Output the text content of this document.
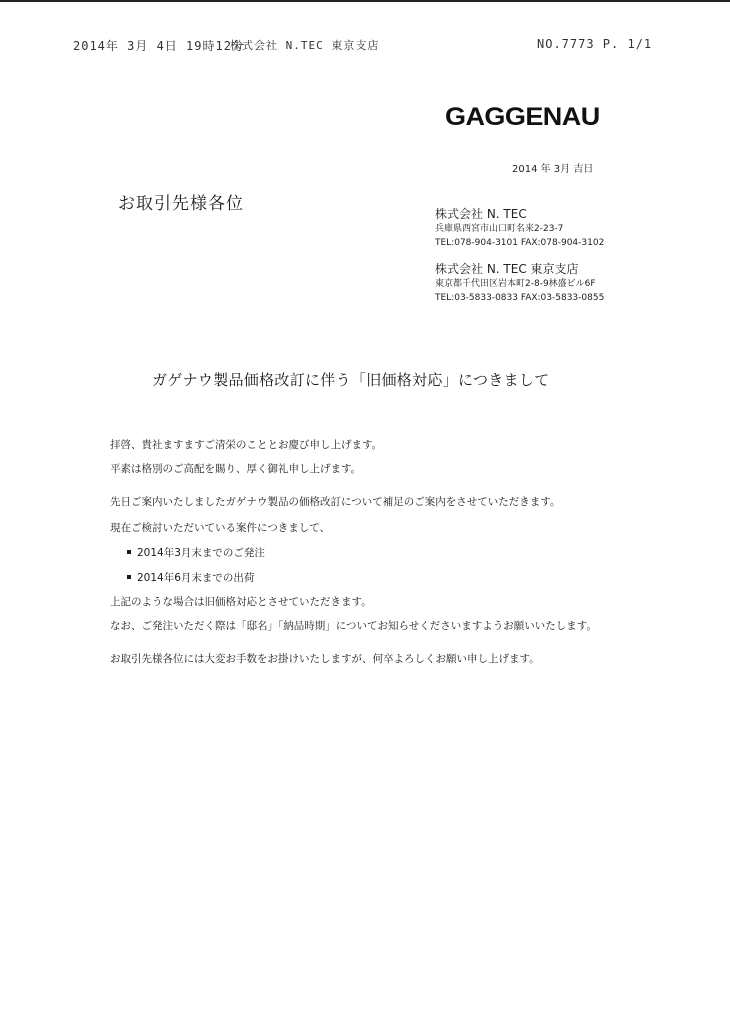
2014年 3月 4日 19時12分
株式会社 N.TEC 東京支店	NO.7773 P. 1/1
GAGGENAU
2014 年 3月 吉日
お取引先様各位	株式会社 N. TEC
兵庫県西宮市山口町名来2-23-7
TEL:078-904-3101 FAX:078-904-3102
株式会社 N. TEC 東京支店
東京都千代田区岩本町2-8-9林盛ビル6F
TEL:03-5833-0833 FAX:03-5833-0855
ガゲナウ製品価格改訂に伴う「旧価格対応」につきまして
拝啓、貴社ますますご清栄のこととお慶び申し上げます。
平素は格別のご高配を賜り、厚く御礼申し上げます。
先日ご案内いたしましたガゲナウ製品の価格改訂について補足のご案内をさせていただきます。
現在ご検討いただいている案件につきまして、
2014年3月末までのご発注
2014年6月末までの出荷
上記のような場合は旧価格対応とさせていただきます。
なお、ご発注いただく際は「邸名」「納品時期」についてお知らせくださいますようお願いいたします。
お取引先様各位には大変お手数をお掛けいたしますが、何卒よろしくお願い申し上げます。
